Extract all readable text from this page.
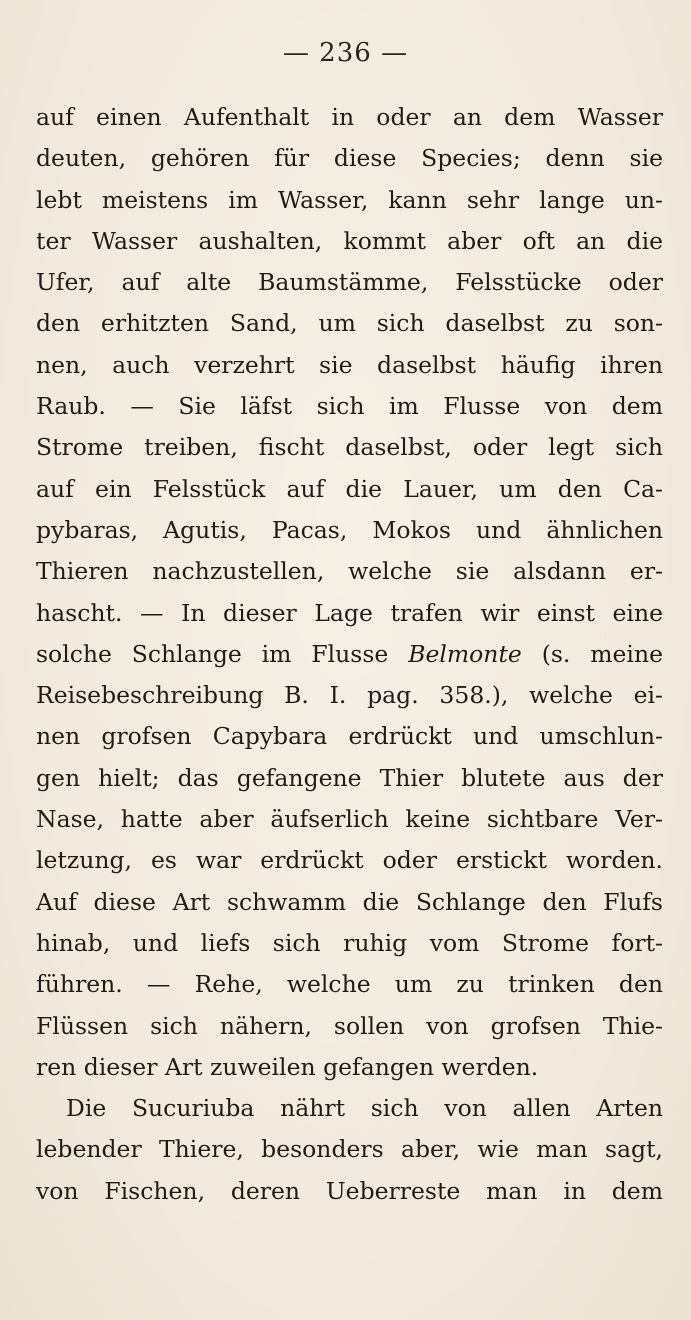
— 236 —
auf einen Aufenthalt in oder an dem Wasser
deuten, gehören für diese Species; denn sie
lebt meistens im Wasser, kann sehr lange un-
ter Wasser aushalten, kommt aber oft an die
Ufer, auf alte Baumstämme, Felsstücke oder
den erhitzten Sand, um sich daselbst zu son-
nen, auch verzehrt sie daselbst häufig ihren
Raub. — Sie läfst sich im Flusse von dem
Strome treiben, fischt daselbst, oder legt sich
auf ein Felsstück auf die Lauer, um den Ca-
pybaras, Agutis, Pacas, Mokos und ähnlichen
Thieren nachzustellen, welche sie alsdann er-
hascht. — In dieser Lage trafen wir einst eine
solche Schlange im Flusse Belmonte (s. meine
Reisebeschreibung B. I. pag. 358.), welche ei-
nen grofsen Capybara erdrückt und umschlun-
gen hielt; das gefangene Thier blutete aus der
Nase, hatte aber äufserlich keine sichtbare Ver-
letzung, es war erdrückt oder erstickt worden.
Auf diese Art schwamm die Schlange den Flufs
hinab, und liefs sich ruhig vom Strome fort-
führen. — Rehe, welche um zu trinken den
Flüssen sich nähern, sollen von grofsen Thie-
ren dieser Art zuweilen gefangen werden.
Die Sucuriuba nährt sich von allen Arten
lebender Thiere, besonders aber, wie man sagt,
von Fischen, deren Ueberreste man in dem
